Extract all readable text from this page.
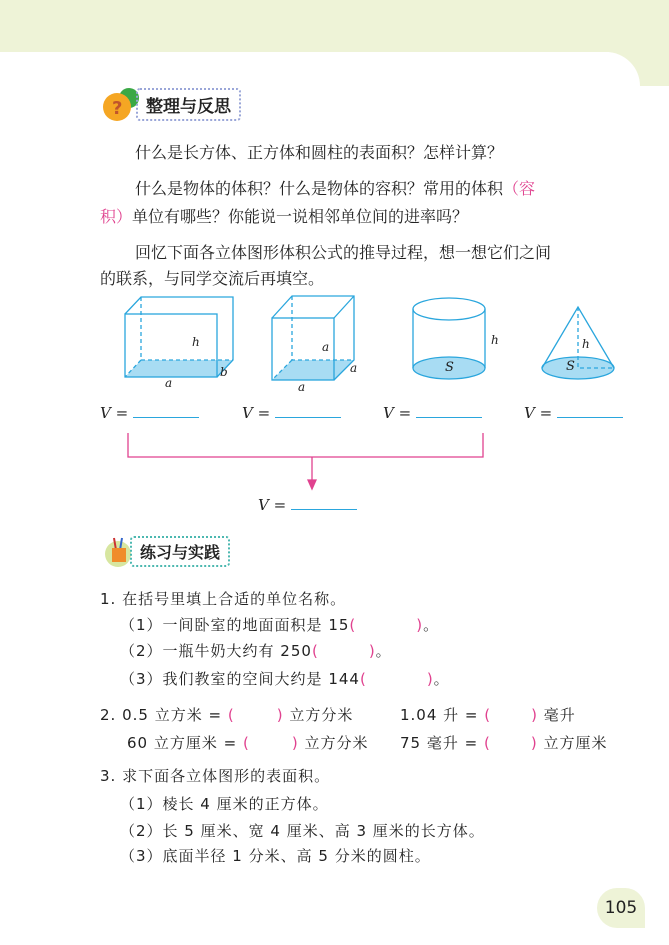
?	整理与反思
什么是长方体、正方体和圆柱的表面积？怎样计算？
什么是物体的体积？什么是物体的容积？常用的体积（容
积）单位有哪些？你能说一说相邻单位间的进率吗？
回忆下面各立体图形体积公式的推导过程，想一想它们之间
的联系，与同学交流后再填空。
h
a
b
a
a
a
h
S
h
S
V =	V =	V =	V =
V =
练习与实践
1. 在括号里填上合适的单位名称。
（1）一间卧室的地面面积是 15(	)。
（2）一瓶牛奶大约有 250(	)。
（3）我们教室的空间大约是 144(	)。
2. 0.5 立方米 = (	) 立方分米	1.04 升 = (	) 毫升
60 立方厘米 = (	) 立方分米 75 毫升 = (	) 立方厘米
3. 求下面各立体图形的表面积。
（1）棱长 4 厘米的正方体。
（2）长 5 厘米、宽 4 厘米、高 3 厘米的长方体。
（3）底面半径 1 分米、高 5 分米的圆柱。
105
